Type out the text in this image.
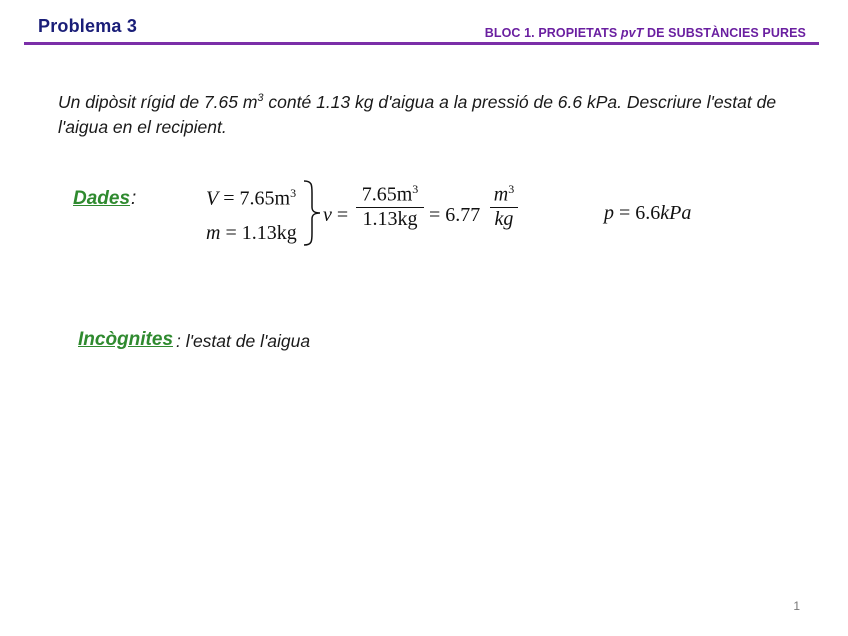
Problema 3	BLOC 1. PROPIETATS pvT DE SUBSTÀNCIES PURES
Un dipòsit rígid de 7.65 $m^3$ conté 1.13 kg d'aigua a la pressió de 6.6 kPa. Descriure l'estat de l'aigua en el recipient.
Dades :	$V = 7.65m^3$
m = 1.13kg
v =
$7.65m^3$
1.13kg = 6.77
$m^3$
kg	p = 6.6kPa
Incògnites : l'estat de l'aigua
1
